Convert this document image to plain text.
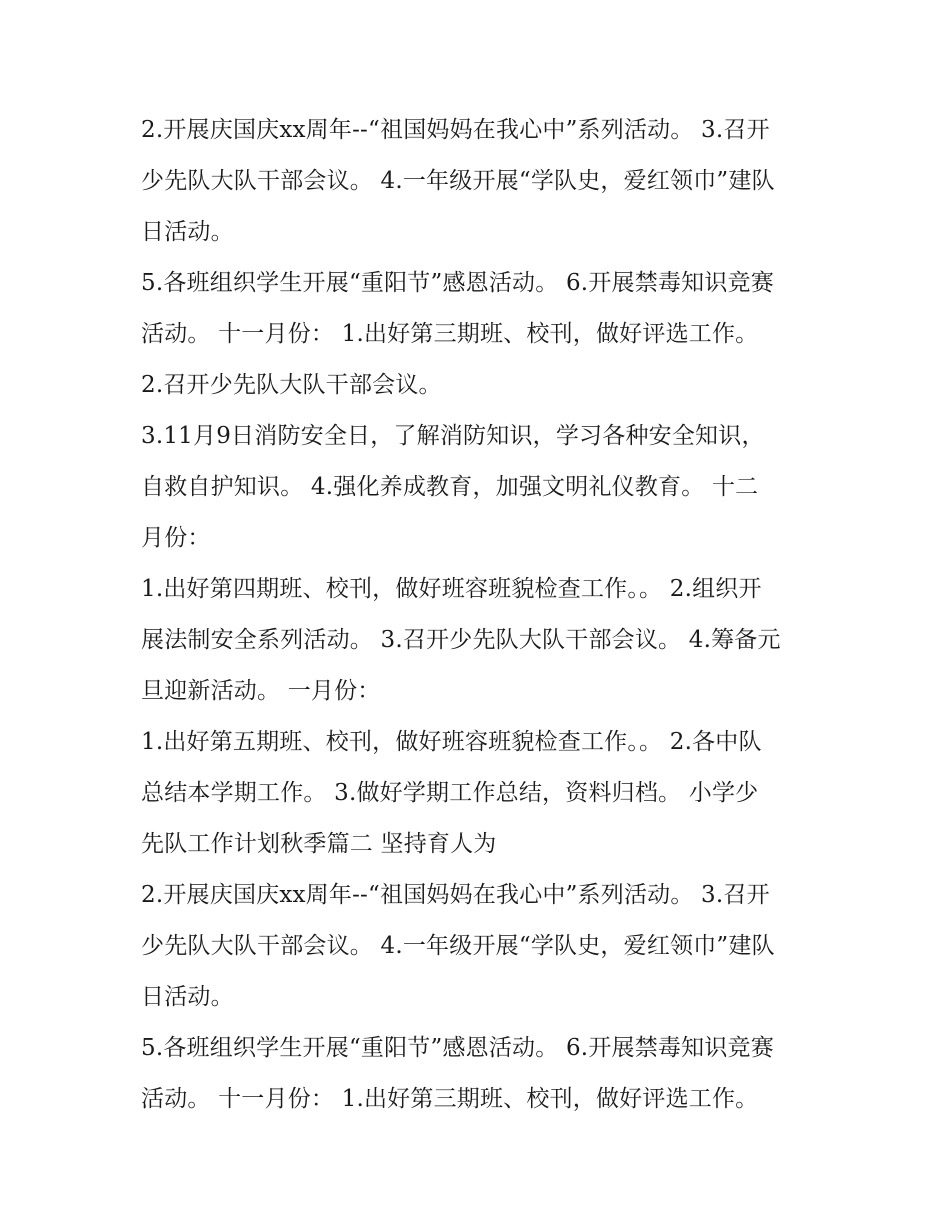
2.开展庆国庆xx周年--“祖国妈妈在我心中”系列活动。 3.召开
少先队大队干部会议。 4.一年级开展“学队史，爱红领巾”建队
日活动。
5.各班组织学生开展“重阳节”感恩活动。 6.开展禁毒知识竞赛
活动。 十一月份： 1.出好第三期班、校刊，做好评选工作。
2.召开少先队大队干部会议。
3.11月9日消防安全日，了解消防知识，学习各种安全知识，
自救自护知识。 4.强化养成教育，加强文明礼仪教育。 十二
月份：
1.出好第四期班、校刊，做好班容班貌检查工作。。 2.组织开
展法制安全系列活动。 3.召开少先队大队干部会议。 4.筹备元
旦迎新活动。 一月份：
1.出好第五期班、校刊，做好班容班貌检查工作。。 2.各中队
总结本学期工作。 3.做好学期工作总结，资料归档。 小学少
先队工作计划秋季篇二 坚持育人为
2.开展庆国庆xx周年--“祖国妈妈在我心中”系列活动。 3.召开
少先队大队干部会议。 4.一年级开展“学队史，爱红领巾”建队
日活动。
5.各班组织学生开展“重阳节”感恩活动。 6.开展禁毒知识竞赛
活动。 十一月份： 1.出好第三期班、校刊，做好评选工作。
